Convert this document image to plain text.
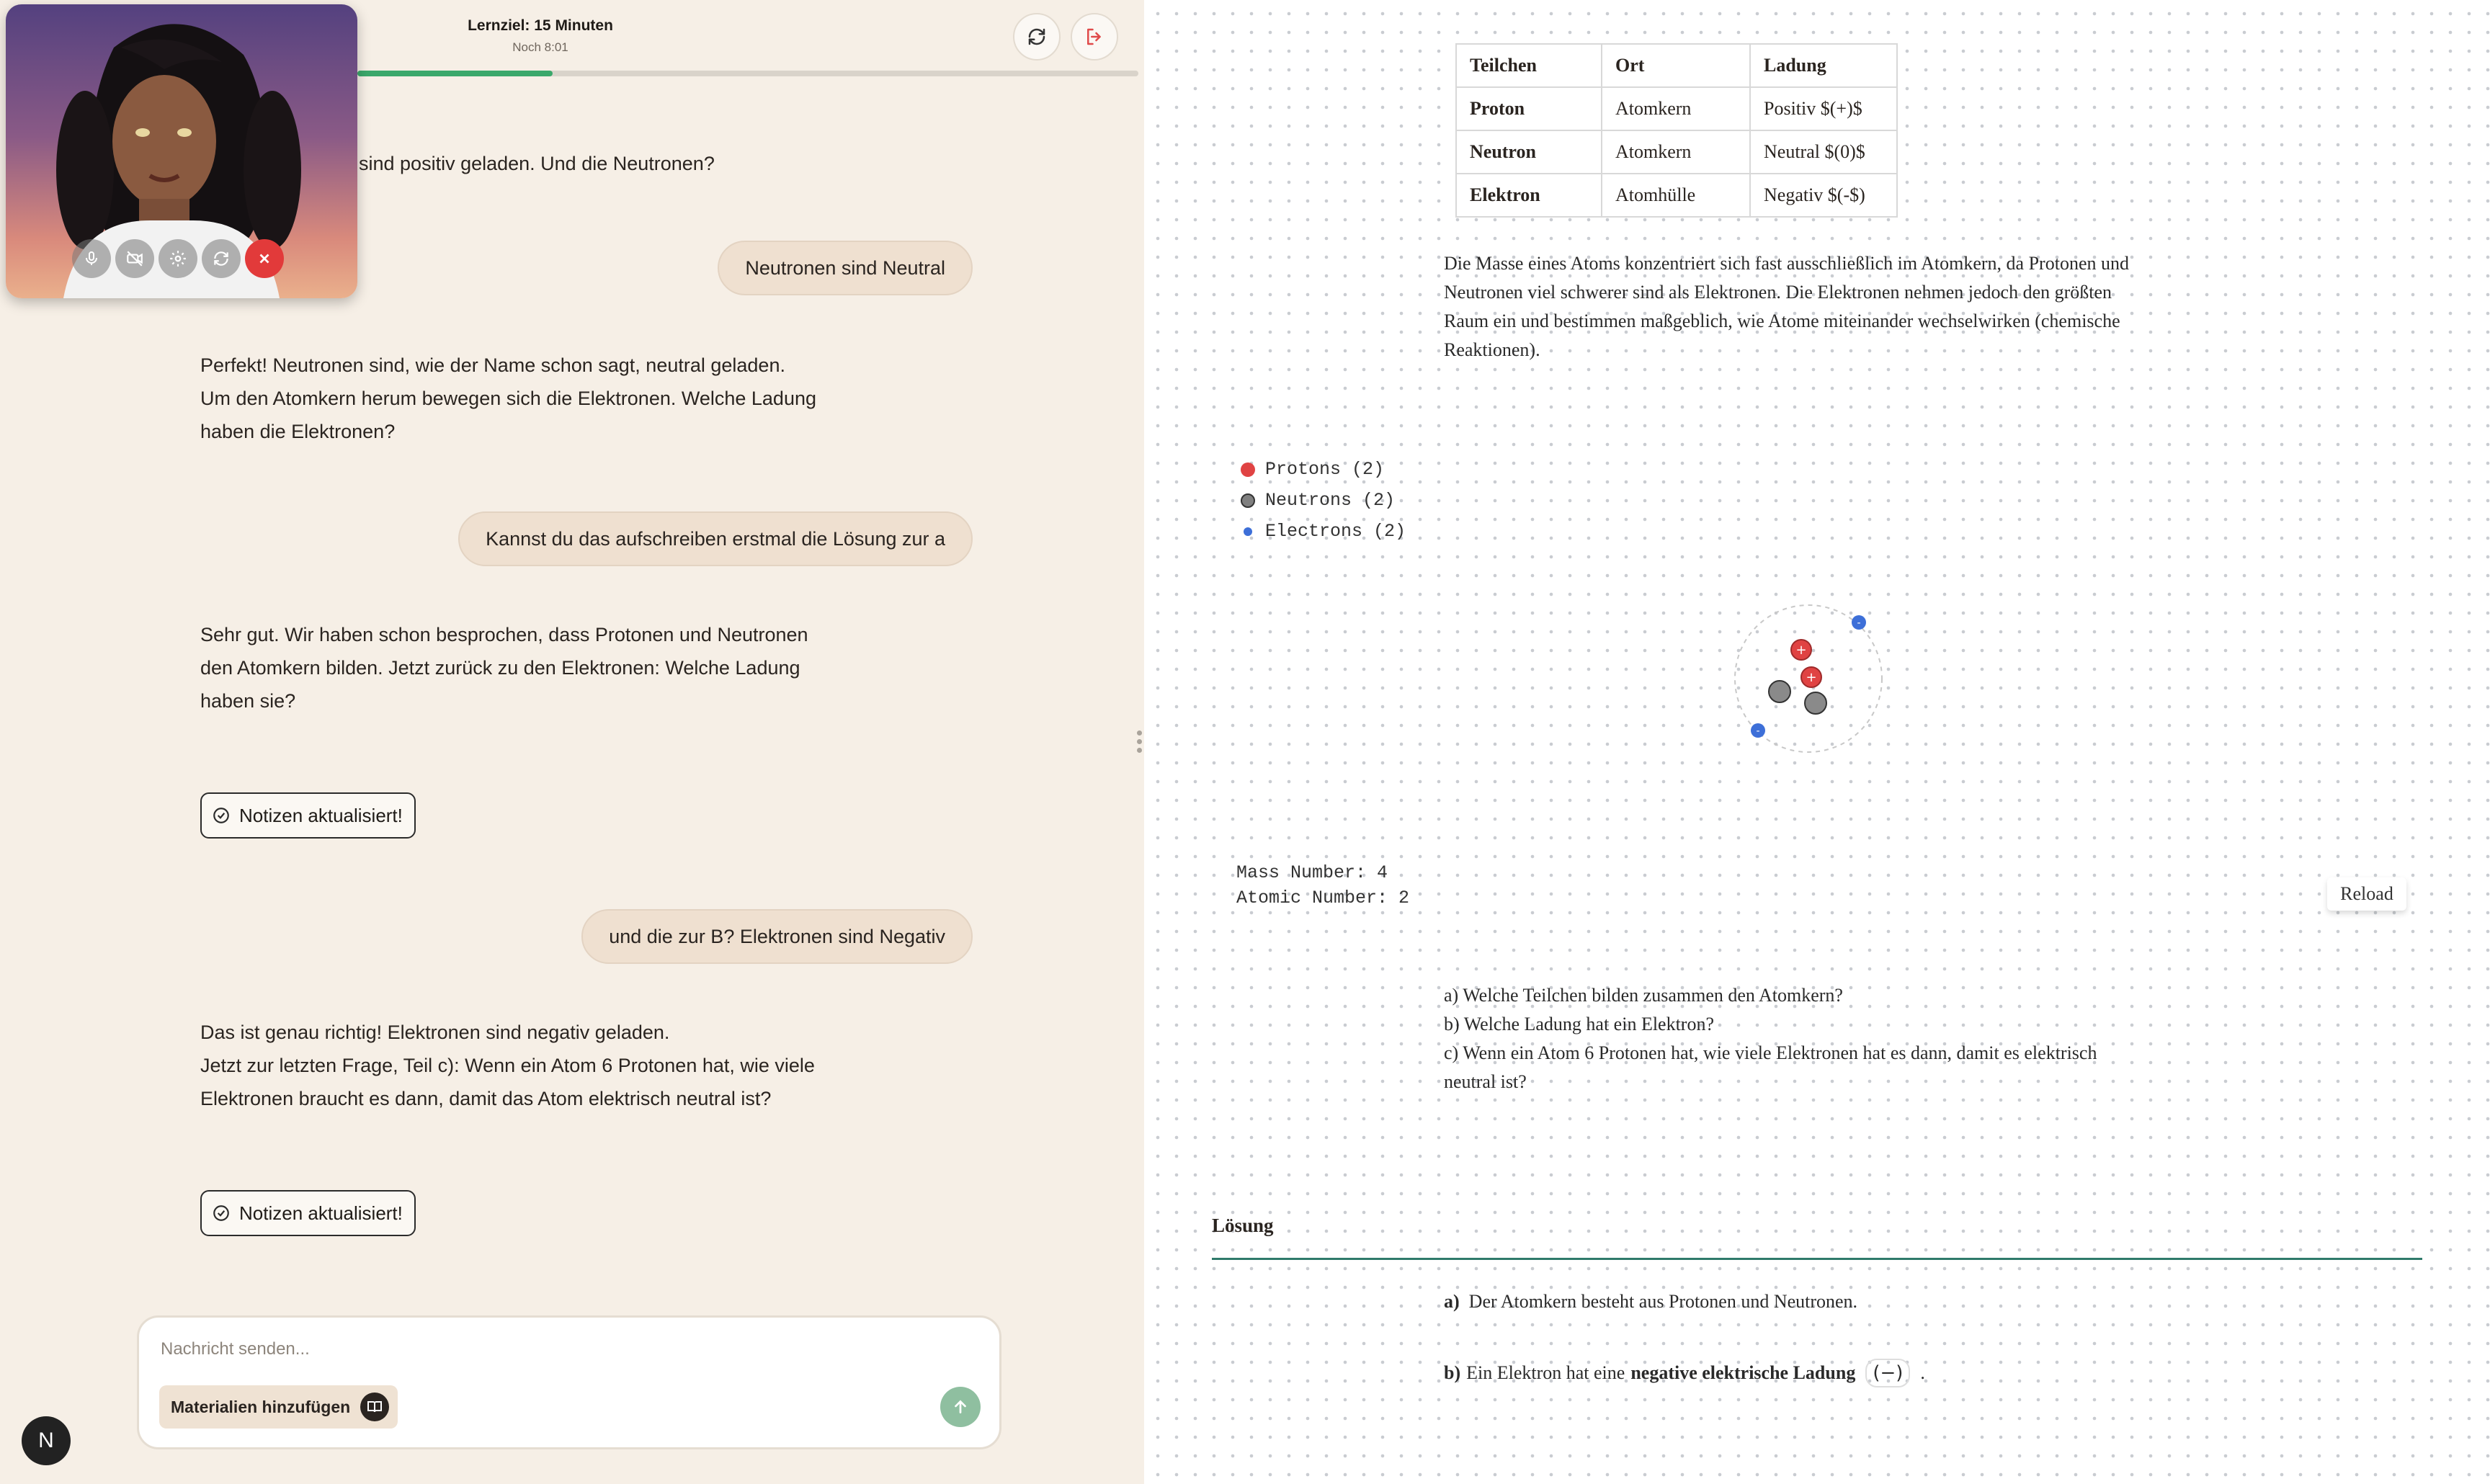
Lernziel: 15 Minuten
Noch 8:01
sind positiv geladen. Und die Neutronen?
Neutronen sind Neutral
Perfekt! Neutronen sind, wie der Name schon sagt, neutral geladen.
Um den Atomkern herum bewegen sich die Elektronen. Welche Ladung
haben die Elektronen?
Kannst du das aufschreiben erstmal die Lösung zur a
Sehr gut. Wir haben schon besprochen, dass Protonen und Neutronen
den Atomkern bilden. Jetzt zurück zu den Elektronen: Welche Ladung
haben sie?
Notizen aktualisiert!
und die zur B? Elektronen sind Negativ
Das ist genau richtig! Elektronen sind negativ geladen.
Jetzt zur letzten Frage, Teil c): Wenn ein Atom 6 Protonen hat, wie viele
Elektronen braucht es dann, damit das Atom elektrisch neutral ist?
Notizen aktualisiert!
Nachricht senden...
Materialien hinzufügen
N
Teilchen	Ort	Ladung
Proton	Atomkern	Positiv $(+)$
Neutron	Atomkern	Neutral $(0)$
Elektron	Atomhülle	Negativ $(-$)
Die Masse eines Atoms konzentriert sich fast ausschließlich im Atomkern, da Protonen und
Neutronen viel schwerer sind als Elektronen. Die Elektronen nehmen jedoch den größten
Raum ein und bestimmen maßgeblich, wie Atome miteinander wechselwirken (chemische
Reaktionen).
Protons (2)
Neutrons (2)
Electrons (2)
+
+
-
-
Mass Number: 4
Atomic Number: 2	Reload
a) Welche Teilchen bilden zusammen den Atomkern?
b) Welche Ladung hat ein Elektron?
c) Wenn ein Atom 6 Protonen hat, wie viele Elektronen hat es dann, damit es elektrisch
neutral ist?
Lösung
a) Der Atomkern besteht aus Protonen und Neutronen.
b) Ein Elektron hat eine negative elektrische Ladung (−) .
